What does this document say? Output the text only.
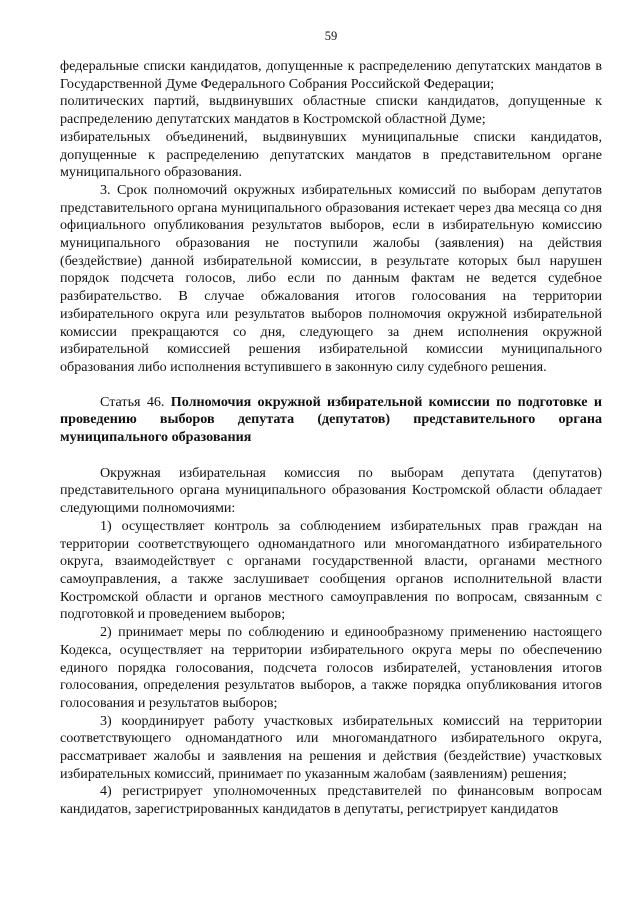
59

федеральные списки кандидатов, допущенные к распределению депутатских мандатов в Государственной Думе Федерального Собрания Российской Федерации;

политических партий, выдвинувших областные списки кандидатов, допущенные к распределению депутатских мандатов в Костромской областной Думе;

избирательных объединений, выдвинувших муниципальные списки кандидатов, допущенные к распределению депутатских мандатов в представительном органе муниципального образования.

3. Срок полномочий окружных избирательных комиссий по выборам депутатов представительного органа муниципального образования истекает через два месяца со дня официального опубликования результатов выборов, если в избирательную комиссию муниципального образования не поступили жалобы (заявления) на действия (бездействие) данной избирательной комиссии, в результате которых был нарушен порядок подсчета голосов, либо если по данным фактам не ведется судебное разбирательство. В случае обжалования итогов голосования на территории избирательного округа или результатов выборов полномочия окружной избирательной комиссии прекращаются со дня, следующего за днем исполнения окружной избирательной комиссией решения избирательной комиссии муниципального образования либо исполнения вступившего в законную силу судебного решения.

Статья 46. Полномочия окружной избирательной комиссии по подготовке и проведению выборов депутата (депутатов) представительного органа муниципального образования

Окружная избирательная комиссия по выборам депутата (депутатов) представительного органа муниципального образования Костромской области обладает следующими полномочиями:

1) осуществляет контроль за соблюдением избирательных прав граждан на территории соответствующего одномандатного или многомандатного избирательного округа, взаимодействует с органами государственной власти, органами местного самоуправления, а также заслушивает сообщения органов исполнительной власти Костромской области и органов местного самоуправления по вопросам, связанным с подготовкой и проведением выборов;

2) принимает меры по соблюдению и единообразному применению настоящего Кодекса, осуществляет на территории избирательного округа меры по обеспечению единого порядка голосования, подсчета голосов избирателей, установления итогов голосования, определения результатов выборов, а также порядка опубликования итогов голосования и результатов выборов;

3) координирует работу участковых избирательных комиссий на территории соответствующего одномандатного или многомандатного избирательного округа, рассматривает жалобы и заявления на решения и действия (бездействие) участковых избирательных комиссий, принимает по указанным жалобам (заявлениям) решения;

4) регистрирует уполномоченных представителей по финансовым вопросам кандидатов, зарегистрированных кандидатов в депутаты, регистрирует кандидатов
